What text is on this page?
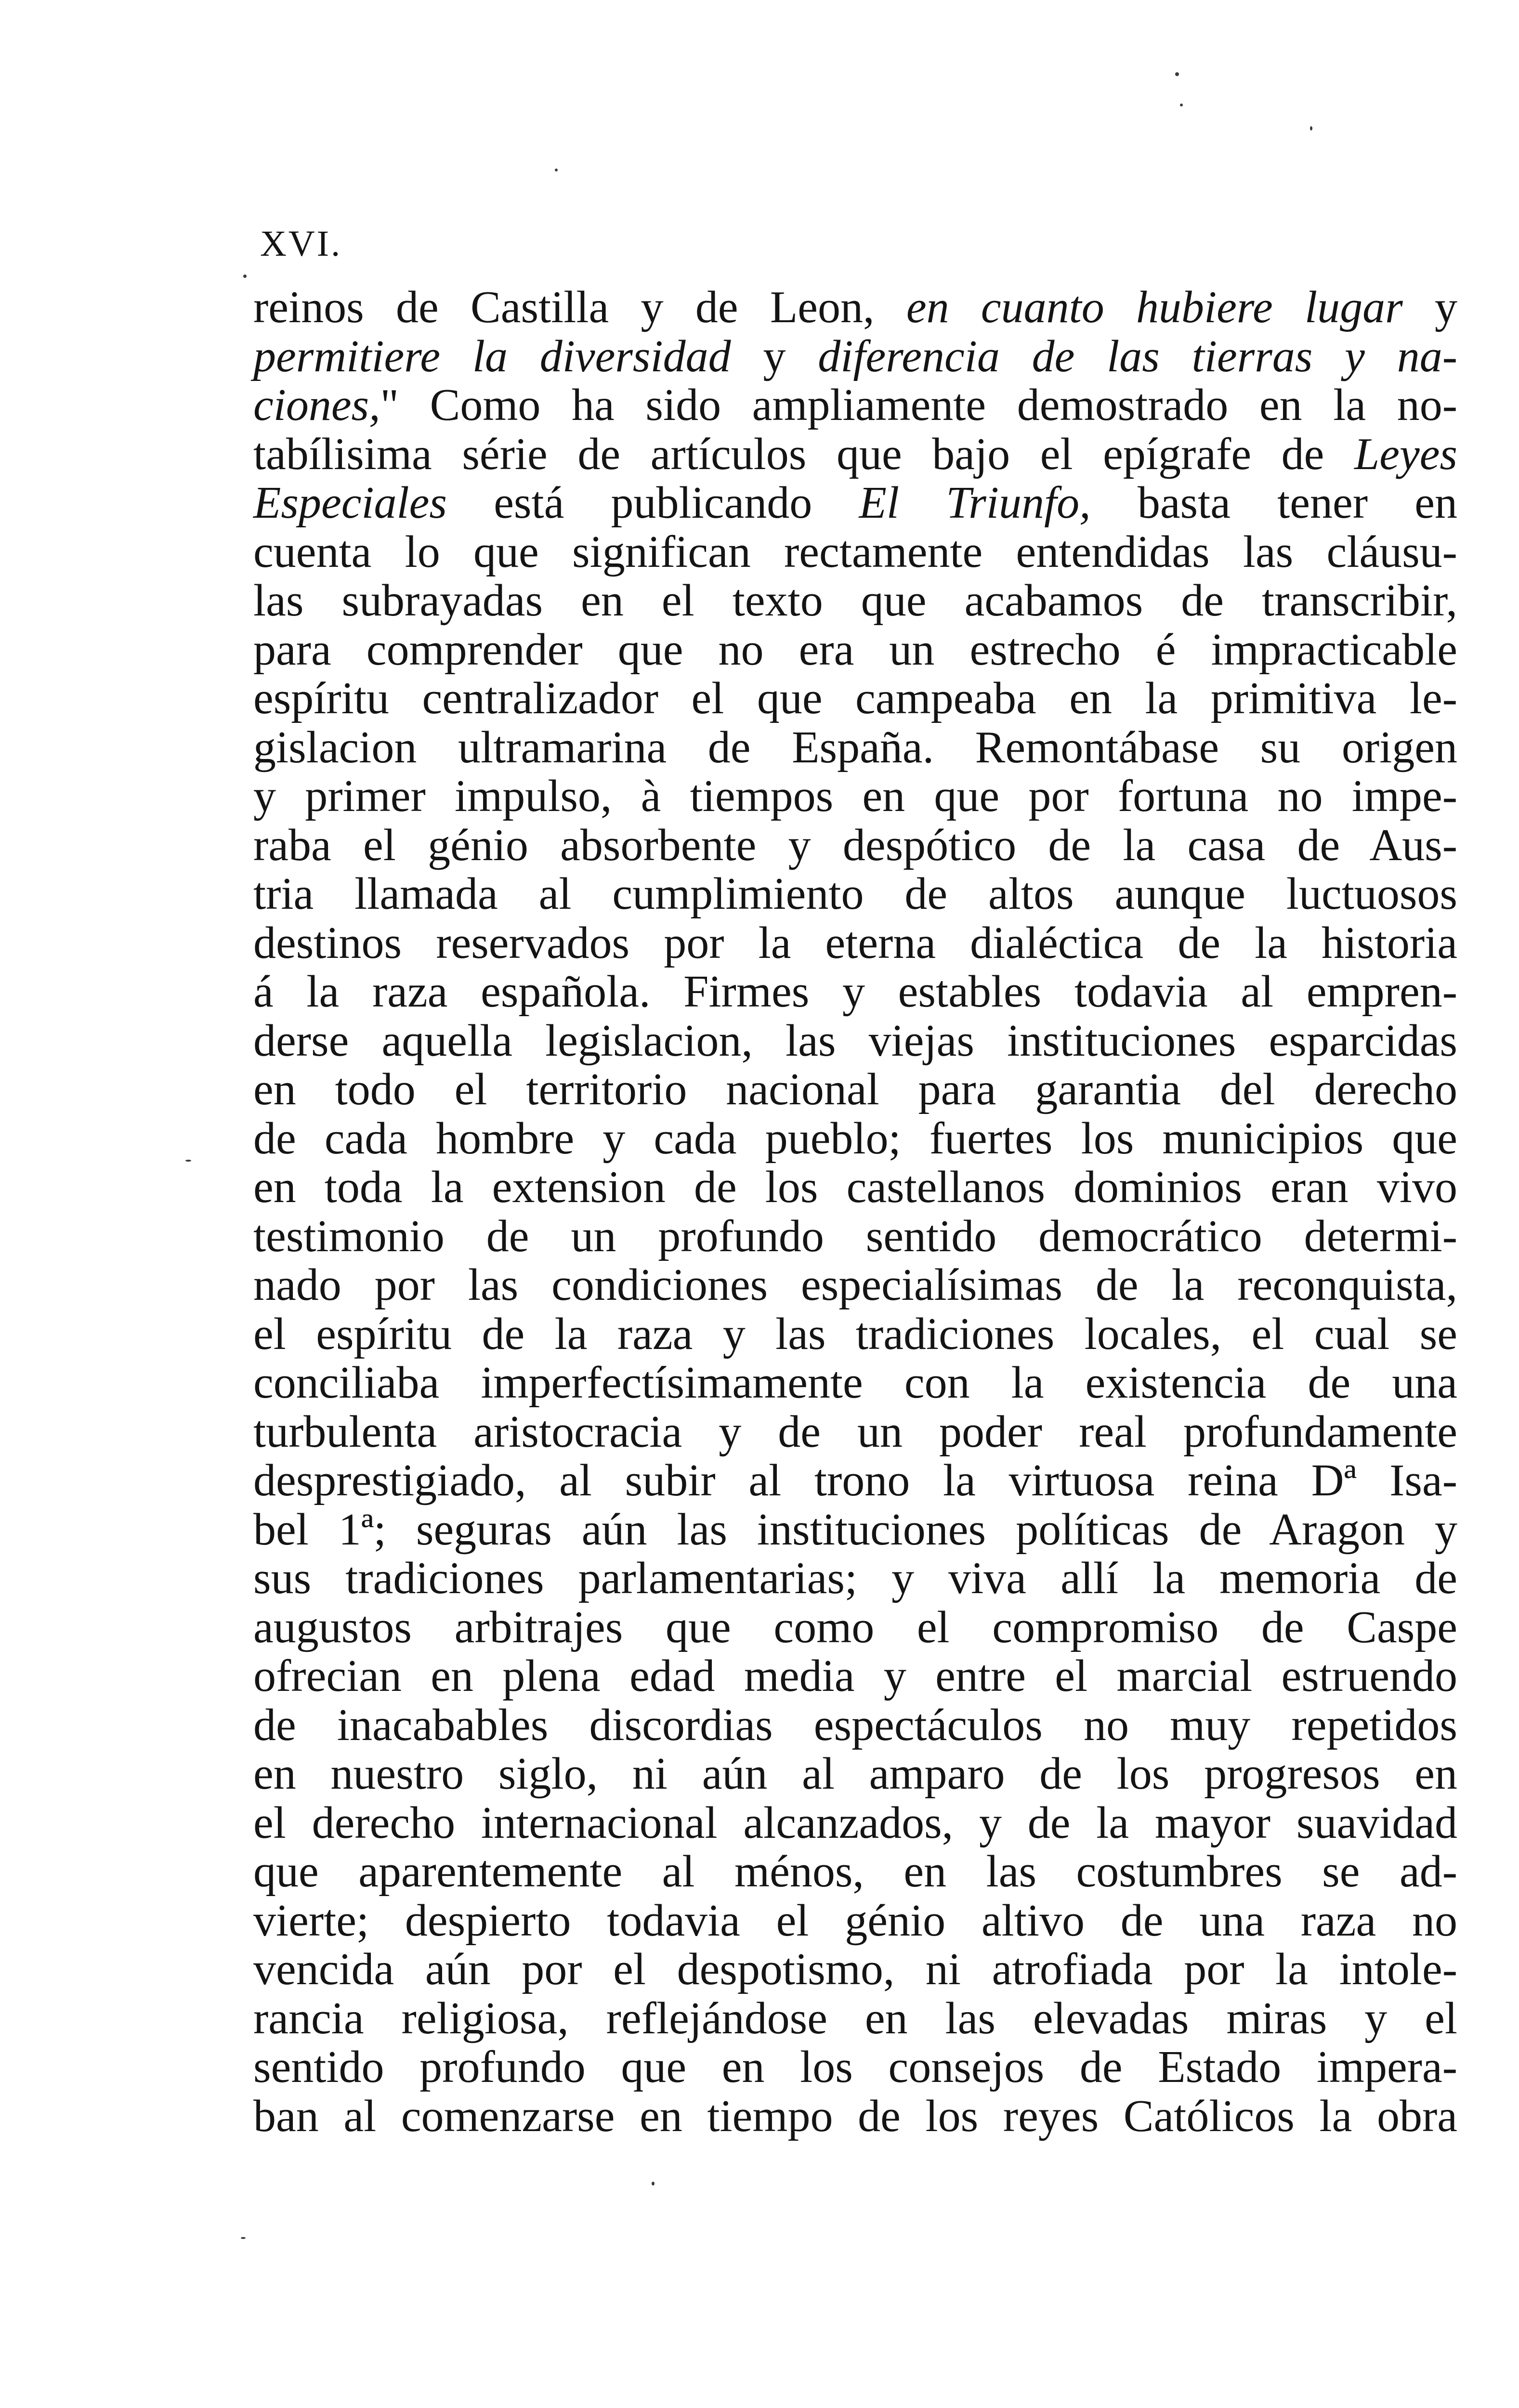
XVI.
reinos de Castilla y de Leon, en cuanto hubiere lugar y
permitiere la diversidad y diferencia de las tierras y na-
ciones," Como ha sido ampliamente demostrado en la no-
tabílisima série de artículos que bajo el epígrafe de Leyes
Especiales está publicando El Triunfo, basta tener en
cuenta lo que significan rectamente entendidas las cláusu-
las subrayadas en el texto que acabamos de transcribir,
para comprender que no era un estrecho é impracticable
espíritu centralizador el que campeaba en la primitiva le-
gislacion ultramarina de España. Remontábase su origen
y primer impulso, à tiempos en que por fortuna no impe-
raba el génio absorbente y despótico de la casa de Aus-
tria llamada al cumplimiento de altos aunque luctuosos
destinos reservados por la eterna dialéctica de la historia
á la raza española. Firmes y estables todavia al empren-
derse aquella legislacion, las viejas instituciones esparcidas
en todo el territorio nacional para garantia del derecho
de cada hombre y cada pueblo; fuertes los municipios que
en toda la extension de los castellanos dominios eran vivo
testimonio de un profundo sentido democrático determi-
nado por las condiciones especialísimas de la reconquista,
el espíritu de la raza y las tradiciones locales, el cual se
conciliaba imperfectísimamente con la existencia de una
turbulenta aristocracia y de un poder real profundamente
desprestigiado, al subir al trono la virtuosa reina Dª Isa-
bel 1ª; seguras aún las instituciones políticas de Aragon y
sus tradiciones parlamentarias; y viva allí la memoria de
augustos arbitrajes que como el compromiso de Caspe
ofrecian en plena edad media y entre el marcial estruendo
de inacabables discordias espectáculos no muy repetidos
en nuestro siglo, ni aún al amparo de los progresos en
el derecho internacional alcanzados, y de la mayor suavidad
que aparentemente al ménos, en las costumbres se ad-
vierte; despierto todavia el génio altivo de una raza no
vencida aún por el despotismo, ni atrofiada por la intole-
rancia religiosa, reflejándose en las elevadas miras y el
sentido profundo que en los consejos de Estado impera-
ban al comenzarse en tiempo de los reyes Católicos la obra
